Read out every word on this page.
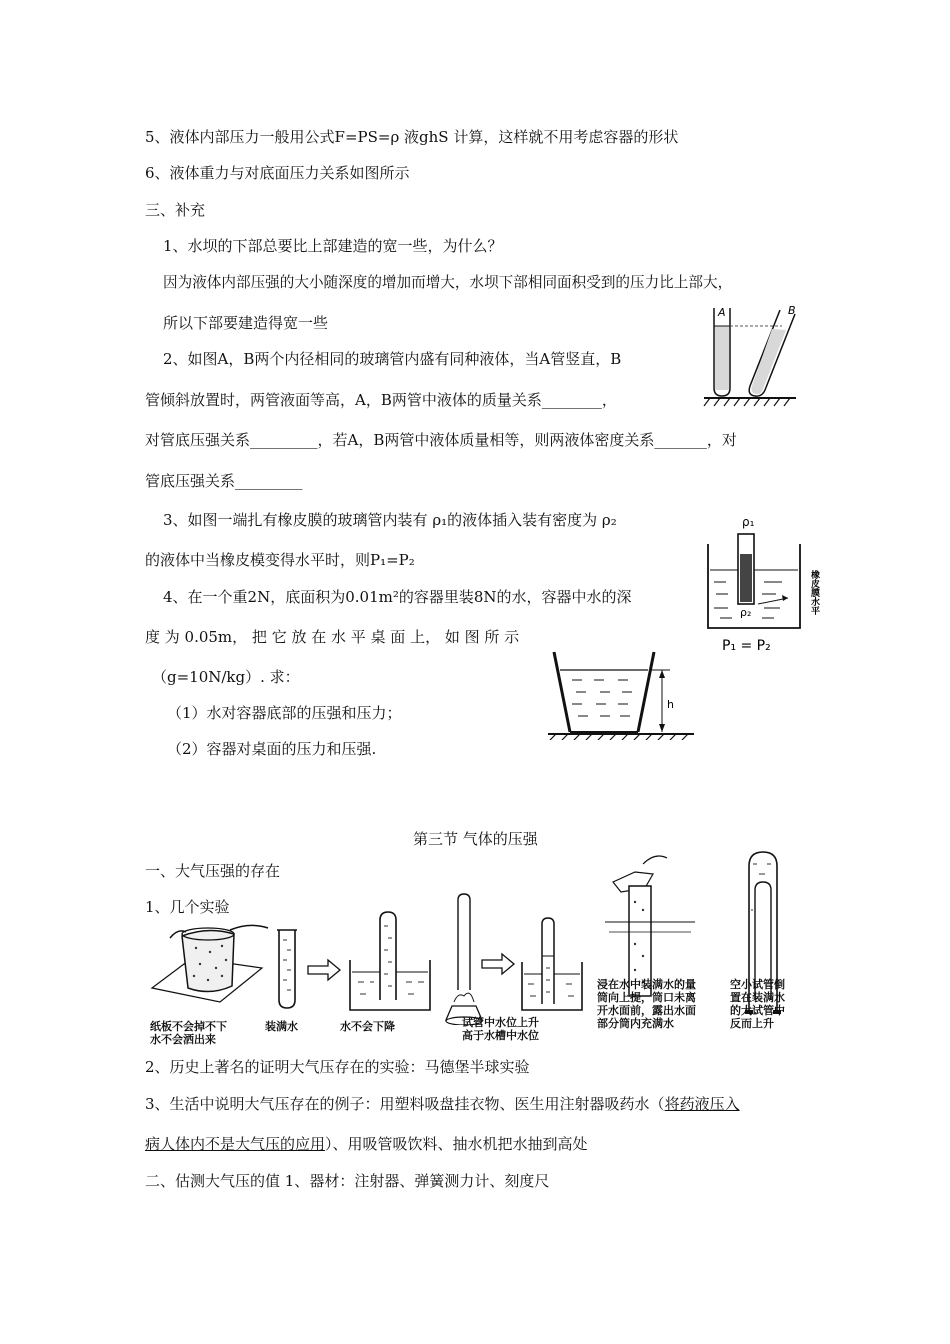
5、液体内部压力一般用公式F=PS=ρ 液ghS 计算，这样就不用考虑容器的形状
6、液体重力与对底面压力关系如图所示
三、补充
1、水坝的下部总要比上部建造的宽一些，为什么？
因为液体内部压强的大小随深度的增加而增大，水坝下部相同面积受到的压力比上部大，
所以下部要建造得宽一些
2、如图A，B两个内径相同的玻璃管内盛有同种液体，当A管竖直，B
管倾斜放置时，两管液面等高，A，B两管中液体的质量关系________，
对管底压强关系_________，若A，B两管中液体质量相等，则两液体密度关系_______，对
管底压强关系_________
3、如图一端扎有橡皮膜的玻璃管内装有 ρ₁的液体插入装有密度为 ρ₂
的液体中当橡皮模变得水平时，则P₁=P₂
4、在一个重2N，底面积为0.01m²的容器里装8N的水，容器中水的深
度 为 0.05m， 把 它 放 在 水 平 桌 面 上， 如 图 所 示
（g=10N/kg）. 求：
（1）水对容器底部的压强和压力；
（2）容器对桌面的压力和压强.
A	B
ρ₁
ρ₂	橡皮膜水平
P₁ = P₂
h
第三节 气体的压强
一、大气压强的存在
1、几个实验
纸板不会掉不下
水不会洒出来
装满水	水不会下降	试管中水位上升
高于水槽中水位
浸在水中装满水的量
筒向上提，筒口未离
开水面前，露出水面
部分筒内充满水
空小试管倒
置在装满水
的大试管中
反而上升
2、历史上著名的证明大气压存在的实验：马德堡半球实验
3、生活中说明大气压存在的例子：用塑料吸盘挂衣物、医生用注射器吸药水（将药液压入
病人体内不是大气压的应用）、用吸管吸饮料、抽水机把水抽到高处
二、估测大气压的值 1、器材：注射器、弹簧测力计、刻度尺
